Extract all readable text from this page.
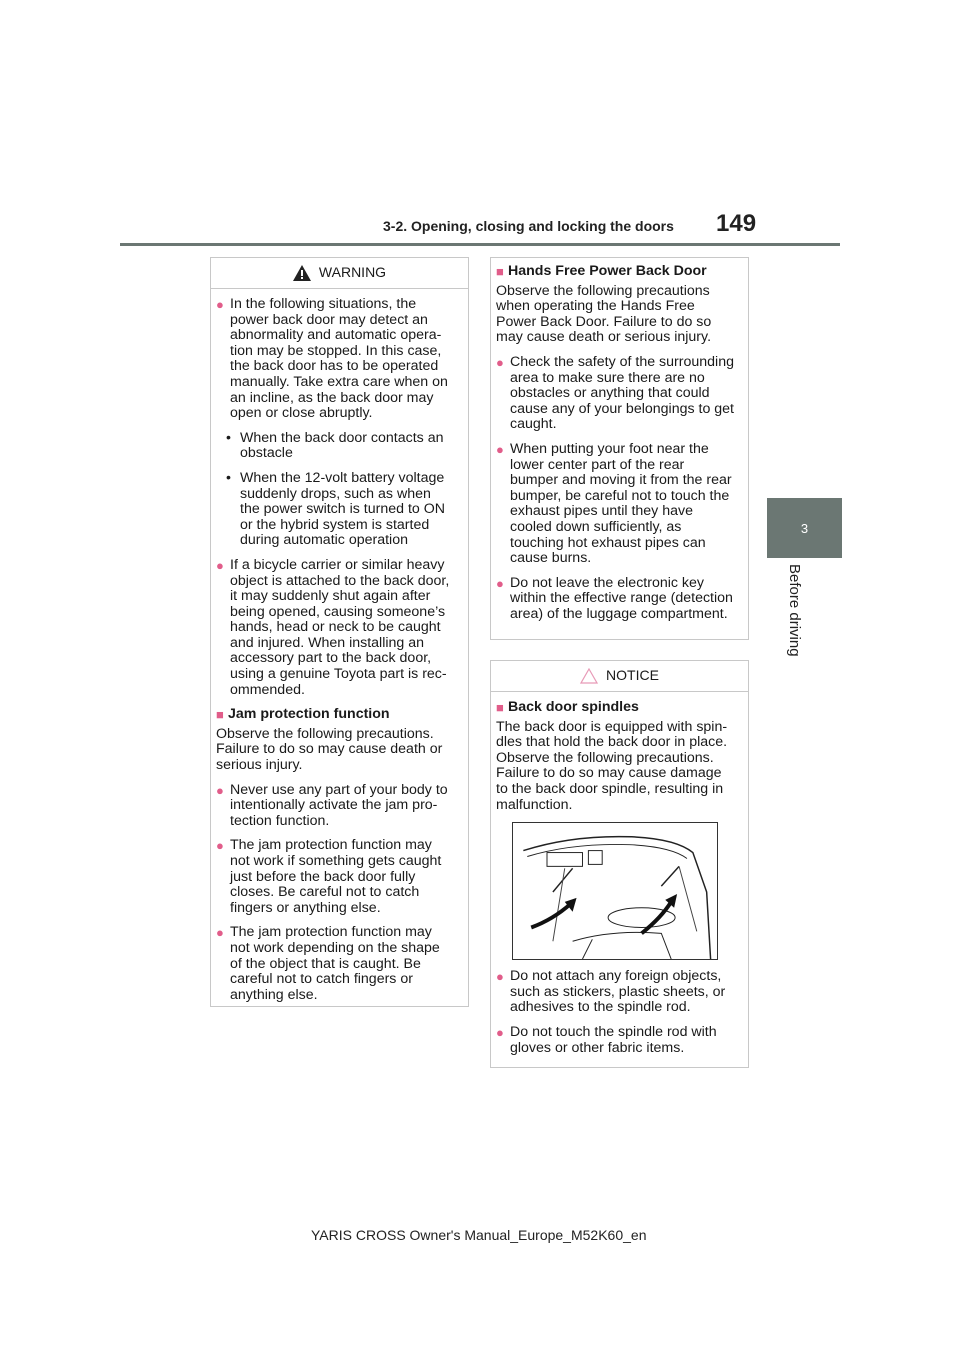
3-2. Opening, closing and locking the doors 149
3
Before driving
WARNING
● In the following situations, the power back door may detect an abnormality and automatic opera-tion may be stopped. In this case, the back door has to be operated manually. Take extra care when on an incline, as the back door may open or close abruptly.
• When the back door contacts an obstacle
• When the 12-volt battery voltage suddenly drops, such as when the power switch is turned to ON or the hybrid system is started during automatic operation
● If a bicycle carrier or similar heavy object is attached to the back door, it may suddenly shut again after being opened, causing someone’s hands, head or neck to be caught and injured. When installing an accessory part to the back door, using a genuine Toyota part is rec-ommended.
■ Jam protection function
Observe the following precautions. Failure to do so may cause death or serious injury.
● Never use any part of your body to intentionally activate the jam pro-tection function.
● The jam protection function may not work if something gets caught just before the back door fully closes. Be careful not to catch fingers or anything else.
● The jam protection function may not work depending on the shape of the object that is caught. Be careful not to catch fingers or anything else.
■ Hands Free Power Back Door
Observe the following precautions when operating the Hands Free Power Back Door. Failure to do so may cause death or serious injury.
● Check the safety of the surrounding area to make sure there are no obstacles or anything that could cause any of your belongings to get caught.
● When putting your foot near the lower center part of the rear bumper and moving it from the rear bumper, be careful not to touch the exhaust pipes until they have cooled down sufficiently, as touching hot exhaust pipes can cause burns.
● Do not leave the electronic key within the effective range (detection area) of the luggage compartment.
NOTICE
■ Back door spindles
The back door is equipped with spin-dles that hold the back door in place. Observe the following precautions. Failure to do so may cause damage to the back door spindle, resulting in malfunction.
● Do not attach any foreign objects, such as stickers, plastic sheets, or adhesives to the spindle rod.
● Do not touch the spindle rod with gloves or other fabric items.
YARIS CROSS Owner's Manual_Europe_M52K60_en
